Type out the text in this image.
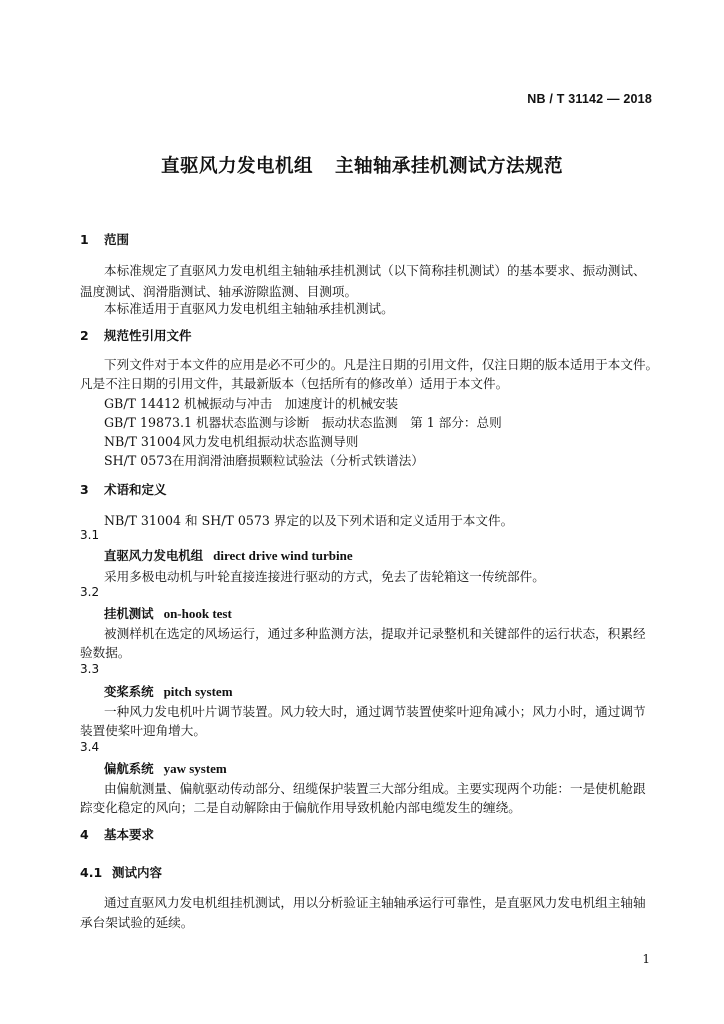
NB / T 31142 — 2018
直驱风力发电机组 主轴轴承挂机测试方法规范
1 范围
本标准规定了直驱风力发电机组主轴轴承挂机测试（以下简称挂机测试）的基本要求、振动测试、
温度测试、润滑脂测试、轴承游隙监测、目测项。
本标准适用于直驱风力发电机组主轴轴承挂机测试。
2 规范性引用文件
下列文件对于本文件的应用是必不可少的。凡是注日期的引用文件，仅注日期的版本适用于本文件。
凡是不注日期的引用文件，其最新版本（包括所有的修改单）适用于本文件。
GB/T 14412 机械振动与冲击　加速度计的机械安装
GB/T 19873.1 机器状态监测与诊断　振动状态监测　第 1 部分：总则
NB/T 31004风力发电机组振动状态监测导则
SH/T 0573在用润滑油磨损颗粒试验法（分析式铁谱法）
3 术语和定义
NB/T 31004 和 SH/T 0573 界定的以及下列术语和定义适用于本文件。
3.1
直驱风力发电机组 direct drive wind turbine
采用多极电动机与叶轮直接连接进行驱动的方式，免去了齿轮箱这一传统部件。
3.2
挂机测试 on-hook test
被测样机在选定的风场运行，通过多种监测方法，提取并记录整机和关键部件的运行状态，积累经
验数据。
3.3
变桨系统 pitch system
一种风力发电机叶片调节装置。风力较大时，通过调节装置使桨叶迎角减小；风力小时，通过调节
装置使桨叶迎角增大。
3.4
偏航系统 yaw system
由偏航测量、偏航驱动传动部分、纽缆保护装置三大部分组成。主要实现两个功能：一是使机舱跟
踪变化稳定的风向；二是自动解除由于偏航作用导致机舱内部电缆发生的缠绕。
4 基本要求
4.1 测试内容
通过直驱风力发电机组挂机测试，用以分析验证主轴轴承运行可靠性，是直驱风力发电机组主轴轴
承台架试验的延续。
1
